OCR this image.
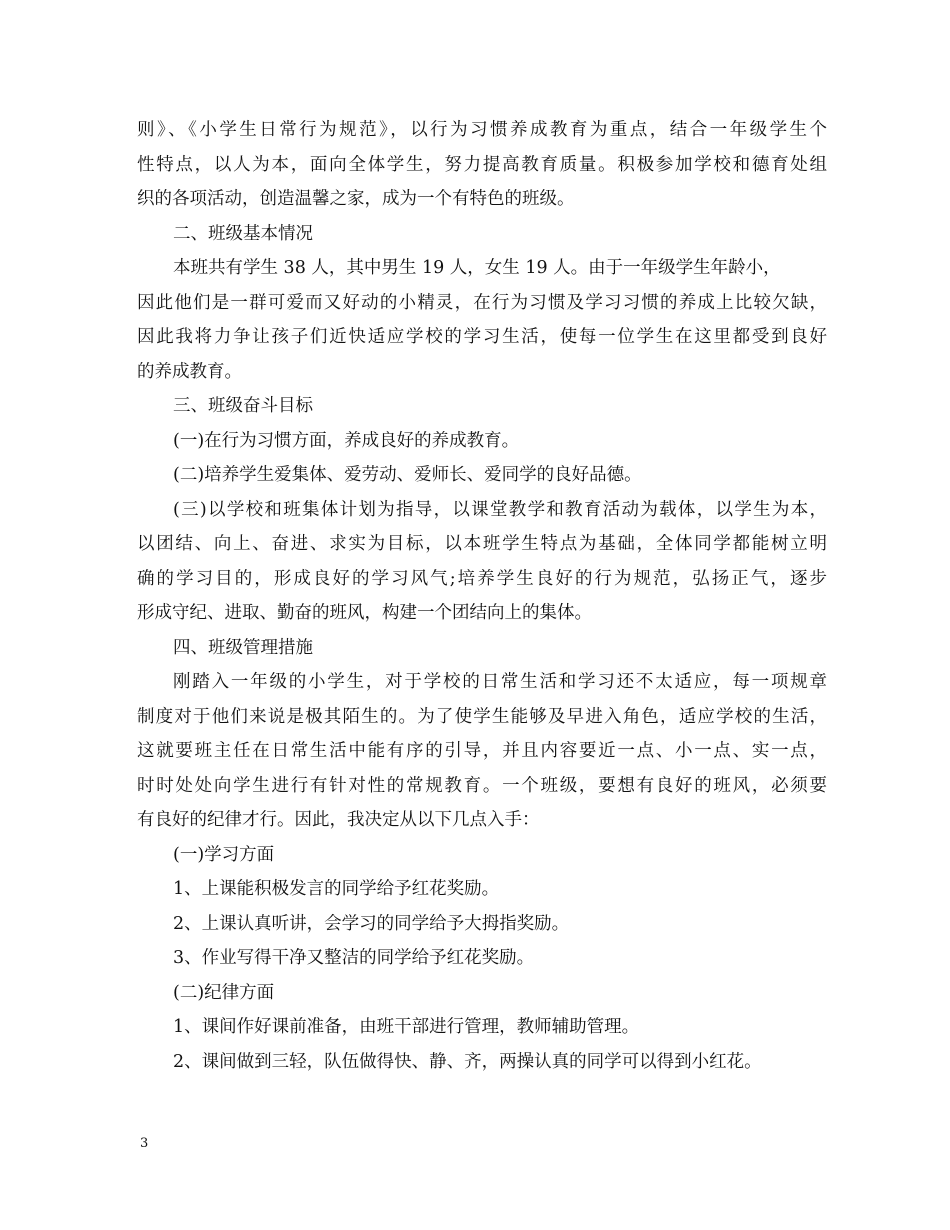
则》、《小学生日常行为规范》，以行为习惯养成教育为重点，结合一年级学生个
性特点，以人为本，面向全体学生，努力提高教育质量。积极参加学校和德育处组
织的各项活动，创造温馨之家，成为一个有特色的班级。
二、班级基本情况
本班共有学生 38 人，其中男生 19 人，女生 19 人。由于一年级学生年龄小，
因此他们是一群可爱而又好动的小精灵，在行为习惯及学习习惯的养成上比较欠缺，
因此我将力争让孩子们近快适应学校的学习生活，使每一位学生在这里都受到良好
的养成教育。
三、班级奋斗目标
(一)在行为习惯方面，养成良好的养成教育。
(二)培养学生爱集体、爱劳动、爱师长、爱同学的良好品德。
(三)以学校和班集体计划为指导，以课堂教学和教育活动为载体，以学生为本，
以团结、向上、奋进、求实为目标，以本班学生特点为基础，全体同学都能树立明
确的学习目的，形成良好的学习风气;培养学生良好的行为规范，弘扬正气，逐步
形成守纪、进取、勤奋的班风，构建一个团结向上的集体。
四、班级管理措施
刚踏入一年级的小学生，对于学校的日常生活和学习还不太适应，每一项规章
制度对于他们来说是极其陌生的。为了使学生能够及早进入角色，适应学校的生活，
这就要班主任在日常生活中能有序的引导，并且内容要近一点、小一点、实一点，
时时处处向学生进行有针对性的常规教育。一个班级，要想有良好的班风，必须要
有良好的纪律才行。因此，我决定从以下几点入手：
(一)学习方面
1、上课能积极发言的同学给予红花奖励。
2、上课认真听讲，会学习的同学给予大拇指奖励。
3、作业写得干净又整洁的同学给予红花奖励。
(二)纪律方面
1、课间作好课前准备，由班干部进行管理，教师辅助管理。
2、课间做到三轻，队伍做得快、静、齐，两操认真的同学可以得到小红花。
3
